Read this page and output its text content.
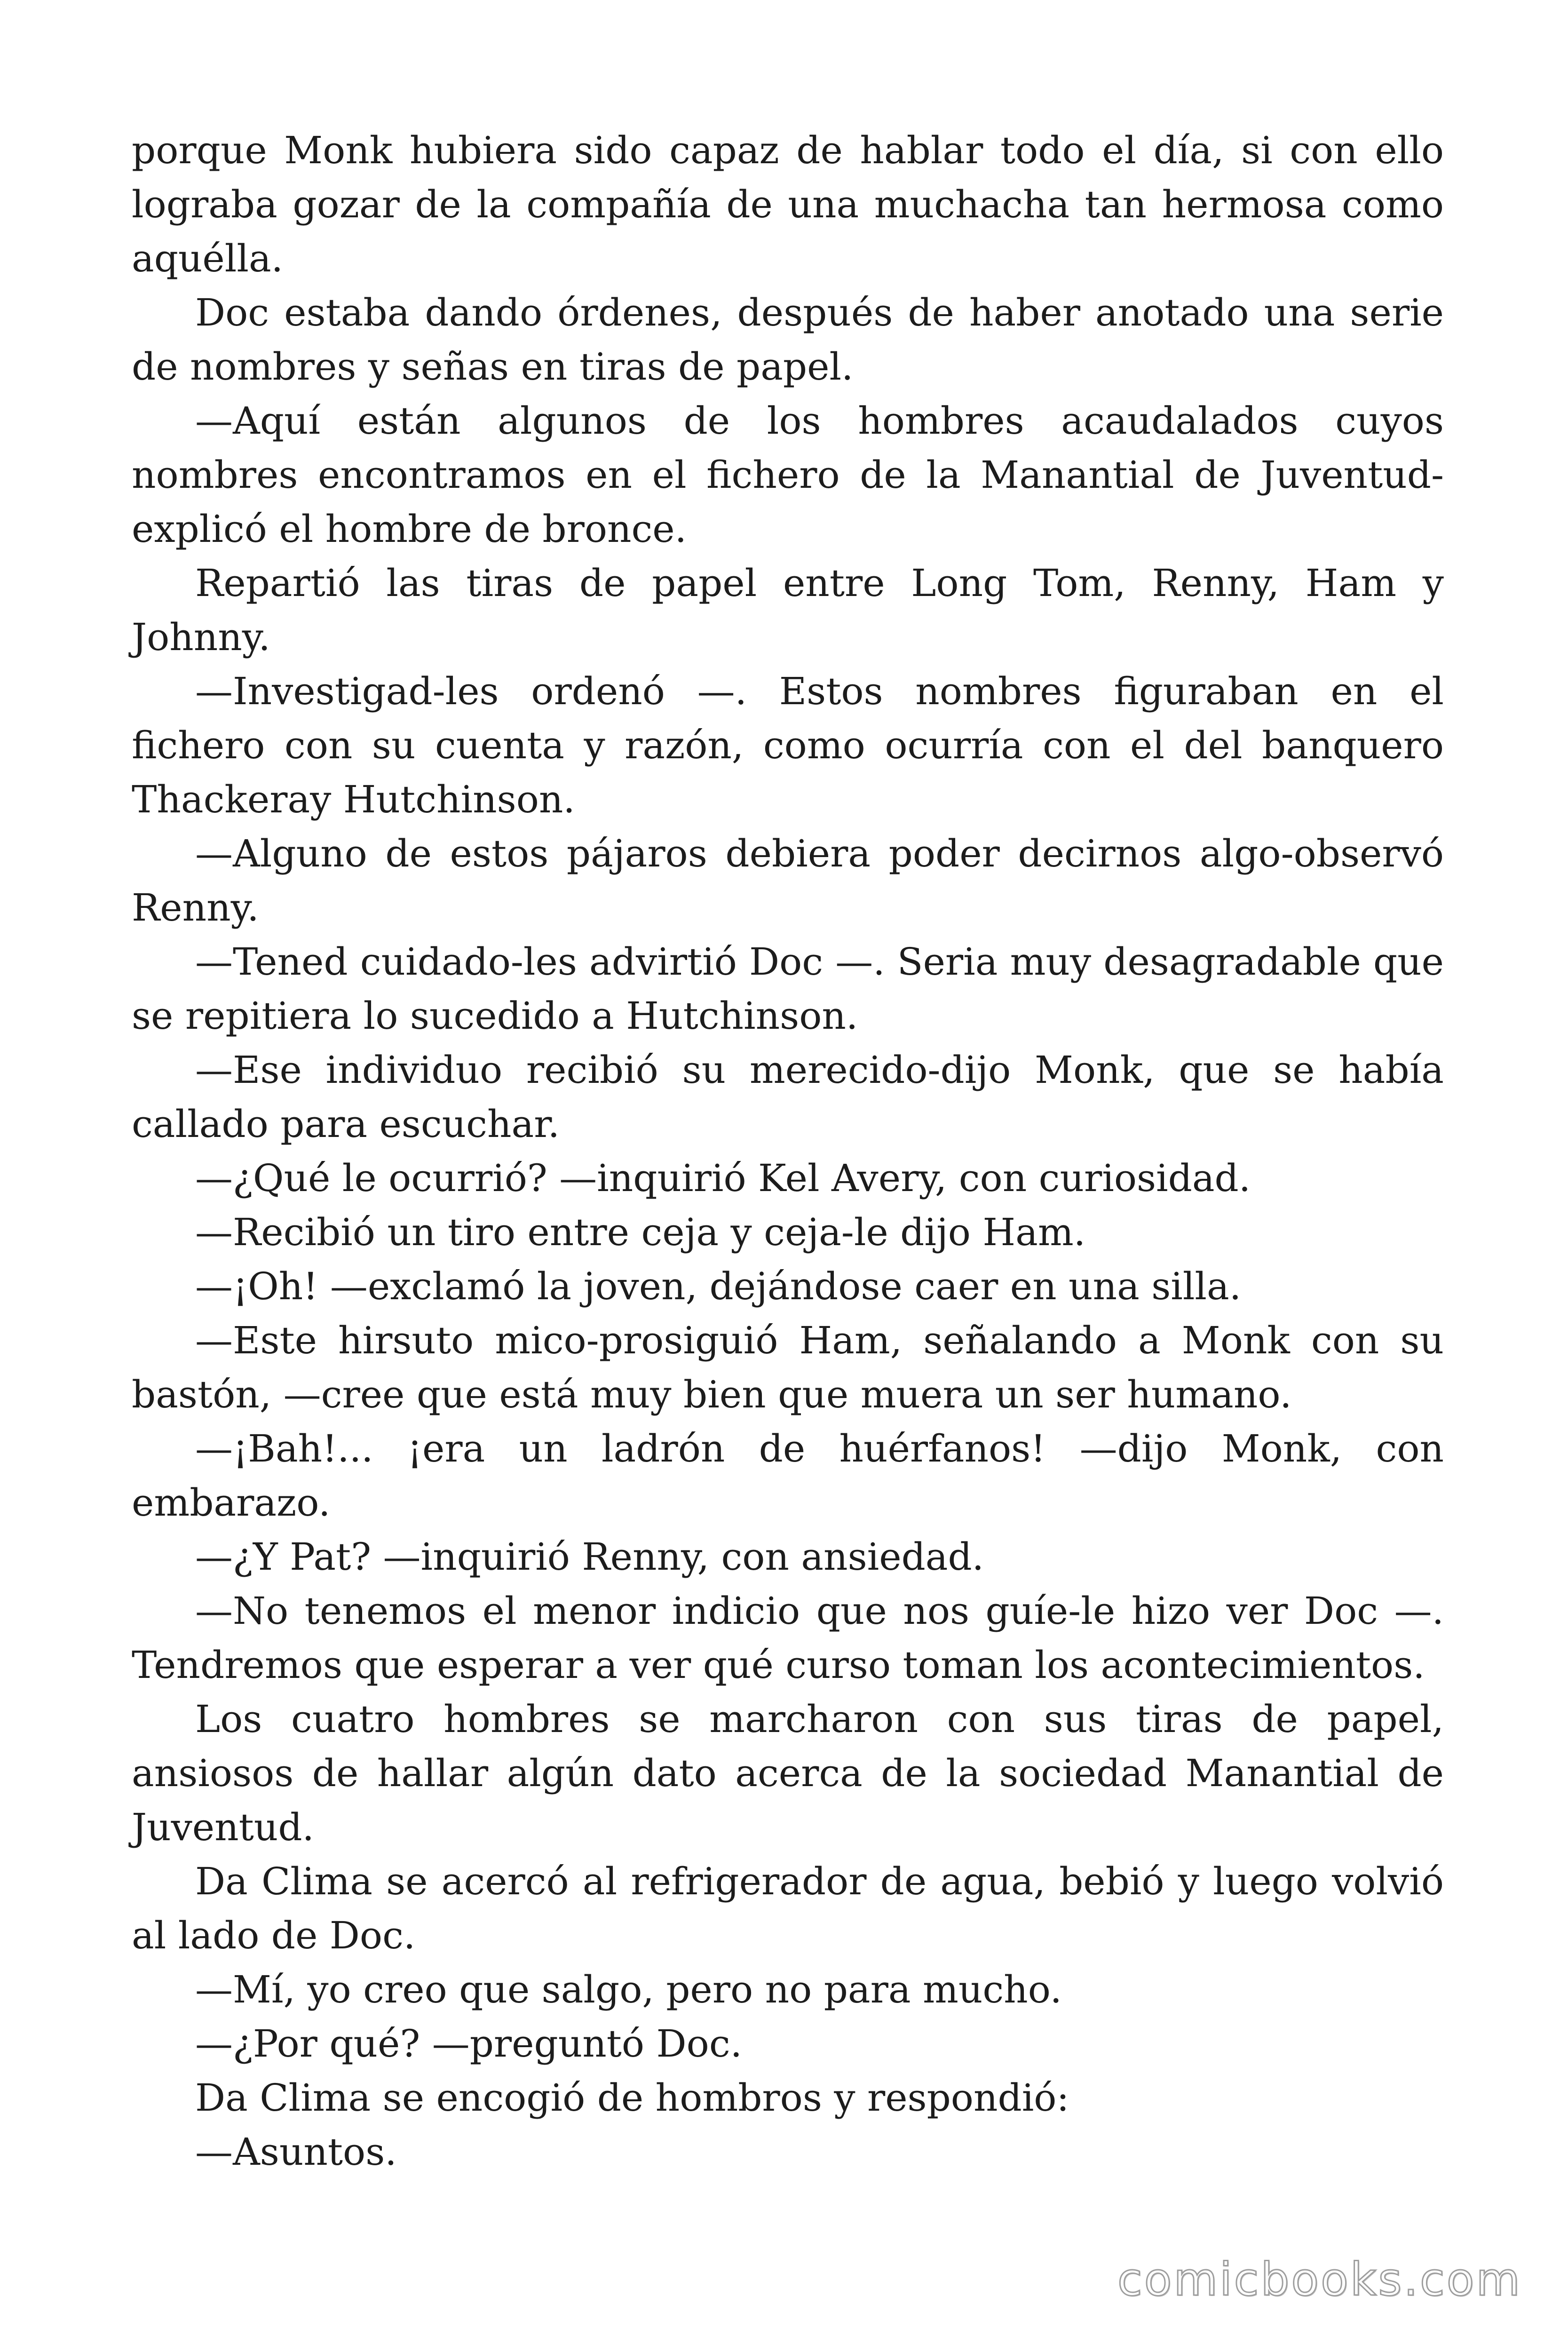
porque Monk hubiera sido capaz de hablar todo el día, si con ello lograba gozar de la compañía de una muchacha tan hermosa como aquélla.

Doc estaba dando órdenes, después de haber anotado una serie de nombres y señas en tiras de papel.

—Aquí están algunos de los hombres acaudalados cuyos nombres encontramos en el fichero de la Manantial de Juventud-explicó el hombre de bronce.

Repartió las tiras de papel entre Long Tom, Renny, Ham y Johnny.

—Investigad-les ordenó —. Estos nombres figuraban en el fichero con su cuenta y razón, como ocurría con el del banquero Thackeray Hutchinson.

—Alguno de estos pájaros debiera poder decirnos algo-observó Renny.

—Tened cuidado-les advirtió Doc —. Seria muy desagradable que se repitiera lo sucedido a Hutchinson.

—Ese individuo recibió su merecido-dijo Monk, que se había callado para escuchar.

—¿Qué le ocurrió? —inquirió Kel Avery, con curiosidad.

—Recibió un tiro entre ceja y ceja-le dijo Ham.

—¡Oh! —exclamó la joven, dejándose caer en una silla.

—Este hirsuto mico-prosiguió Ham, señalando a Monk con su bastón, —cree que está muy bien que muera un ser humano.

—¡Bah!... ¡era un ladrón de huérfanos! —dijo Monk, con embarazo.

—¿Y Pat? —inquirió Renny, con ansiedad.

—No tenemos el menor indicio que nos guíe-le hizo ver Doc —. Tendremos que esperar a ver qué curso toman los acontecimientos.

Los cuatro hombres se marcharon con sus tiras de papel, ansiosos de hallar algún dato acerca de la sociedad Manantial de Juventud.

Da Clima se acercó al refrigerador de agua, bebió y luego volvió al lado de Doc.

—Mí, yo creo que salgo, pero no para mucho.

—¿Por qué? —preguntó Doc.

Da Clima se encogió de hombros y respondió:

—Asuntos.

comicbooks.com
